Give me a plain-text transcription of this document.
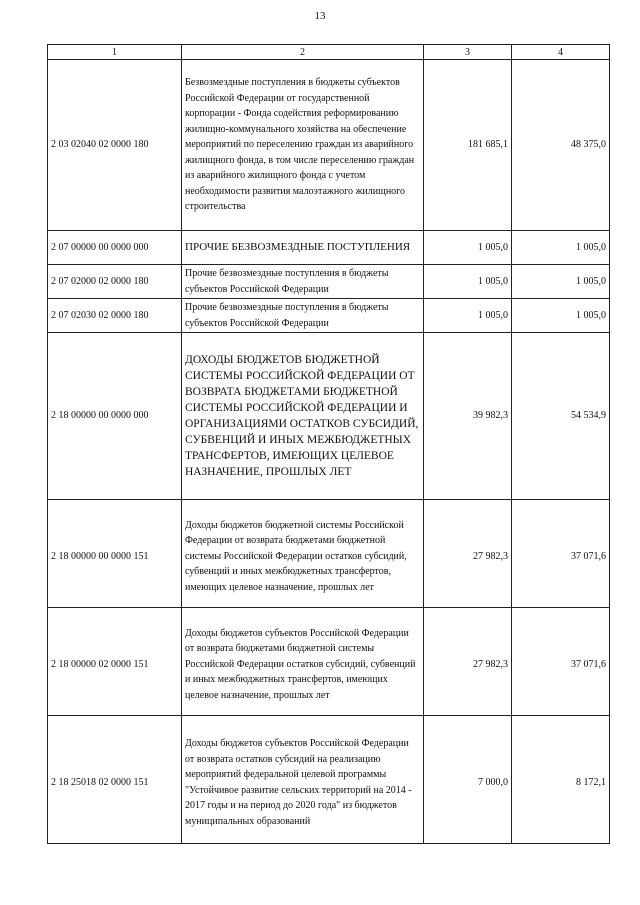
13
1	2	3	4
2 03 02040 02 0000 180	Безвозмездные поступления в бюджеты субъектов Российской Федерации от государственной корпорации - Фонда содействия реформированию жилищно-коммунального хозяйства на обеспечение мероприятий по переселению граждан из аварийного жилищного фонда, в том числе переселению граждан из аварийного жилищного фонда с учетом необходимости развития малоэтажного жилищного строительства	181 685,1	48 375,0
2 07 00000 00 0000 000	ПРОЧИЕ БЕЗВОЗМЕЗДНЫЕ ПОСТУПЛЕНИЯ	1 005,0	1 005,0
2 07 02000 02 0000 180	Прочие безвозмездные поступления в бюджеты субъектов Российской Федерации	1 005,0	1 005,0
2 07 02030 02 0000 180	Прочие безвозмездные поступления в бюджеты субъектов Российской Федерации	1 005,0	1 005,0
2 18 00000 00 0000 000	ДОХОДЫ БЮДЖЕТОВ БЮДЖЕТНОЙ СИСТЕМЫ РОССИЙСКОЙ ФЕДЕРАЦИИ ОТ ВОЗВРАТА БЮДЖЕТАМИ БЮДЖЕТНОЙ СИСТЕМЫ РОССИЙСКОЙ ФЕДЕРАЦИИ И ОРГАНИЗАЦИЯМИ ОСТАТКОВ СУБСИДИЙ, СУБВЕНЦИЙ И ИНЫХ МЕЖБЮДЖЕТНЫХ ТРАНСФЕРТОВ, ИМЕЮЩИХ ЦЕЛЕВОЕ НАЗНАЧЕНИЕ, ПРОШЛЫХ ЛЕТ	39 982,3	54 534,9
2 18 00000 00 0000 151	Доходы бюджетов бюджетной системы Российской Федерации от возврата бюджетами бюджетной системы Российской Федерации остатков субсидий, субвенций и иных межбюджетных трансфертов, имеющих целевое назначение, прошлых лет	27 982,3	37 071,6
2 18 00000 02 0000 151	Доходы бюджетов субъектов Российской Федерации от возврата бюджетами бюджетной системы Российской Федерации остатков субсидий, субвенций и иных межбюджетных трансфертов, имеющих целевое назначение, прошлых лет	27 982,3	37 071,6
2 18 25018 02 0000 151	Доходы бюджетов субъектов Российской Федерации от возврата остатков субсидий на реализацию мероприятий федеральной целевой программы "Устойчивое развитие сельских территорий на 2014 - 2017 годы и на период до 2020 года" из бюджетов муниципальных образований	7 000,0	8 172,1
